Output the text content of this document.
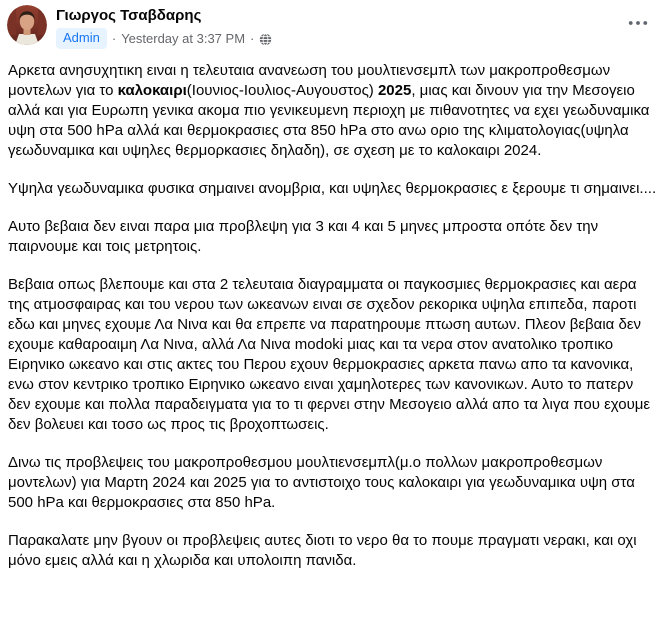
Γιωργος Τσαβδαρης
Admin · Yesterday at 3:37 PM ·

Αρκετα ανησυχητικη ειναι η τελευταια ανανεωση του μουλτιενσεμπλ των μακροπροθεσμων μοντελων για το καλοκαιρι(Ιουνιος-Ιουλιος-Αυγουστος) 2025, μιας και δινουν για την Μεσογειο αλλά και για Ευρωπη γενικα ακομα πιο γενικευμενη περιοχη με πιθανοτητες να εχει γεωδυναμικα υψη στα 500 hPa αλλά και θερμοκρασιες στα 850 hPa στο ανω οριο της κλιματολογιας(υψηλα γεωδυναμικα και υψηλες θερμορκασιες δηλαδη), σε σχεση με το καλοκαιρι 2024.

Υψηλα γεωδυναμικα φυσικα σημαινει ανομβρια, και υψηλες θερμοκρασιες ε ξερουμε τι σημαινει....

Αυτο βεβαια δεν ειναι παρα μια προβλεψη για 3 και 4 και 5 μηνες μπροστα οπότε δεν την παιρνουμε και τοις μετρητοις.

Βεβαια οπως βλεπουμε και στα 2 τελευταια διαγραμματα οι παγκοσμιες θερμοκρασιες και αερα της ατμοσφαιρας και του νερου των ωκεανων ειναι σε σχεδον ρεκορικα υψηλα επιπεδα, παροτι εδω και μηνες εχουμε Λα Νινα και θα επρεπε να παρατηρουμε πτωση αυτων. Πλεον βεβαια δεν εχουμε καθαροαιμη Λα Νινα, αλλά Λα Νινα modoki μιας και τα νερα στον ανατολικο τροπικο Ειρηνικο ωκεανο και στις ακτες του Περου εχουν θερμοκρασιες αρκετα πανω απο τα κανονικα, ενω στον κεντρικο τροπικο Ειρηνικο ωκεανο ειναι χαμηλοτερες των κανονικων. Αυτο το πατερν δεν εχουμε και πολλα παραδειγματα για το τι φερνει στην Μεσογειο αλλά απο τα λιγα που εχουμε δεν βολευει και τοσο ως προς τις βροχοπτωσεις.

Δινω τις προβλεψεις του μακροπροθεσμου μουλτιενσεμπλ(μ.ο πολλων μακροπροθεσμων μοντελων) για Μαρτη 2024 και 2025 για το αντιστοιχο τους καλοκαιρι για γεωδυναμικα υψη στα 500 hPa και θερμοκρασιες στα 850 hPa.

Παρακαλατε μην βγουν οι προβλεψεις αυτες διοτι το νερο θα το πουμε πραγματι νερακι, και οχι μόνο εμεις αλλά και η χλωριδα και υπολοιπη πανιδα.
